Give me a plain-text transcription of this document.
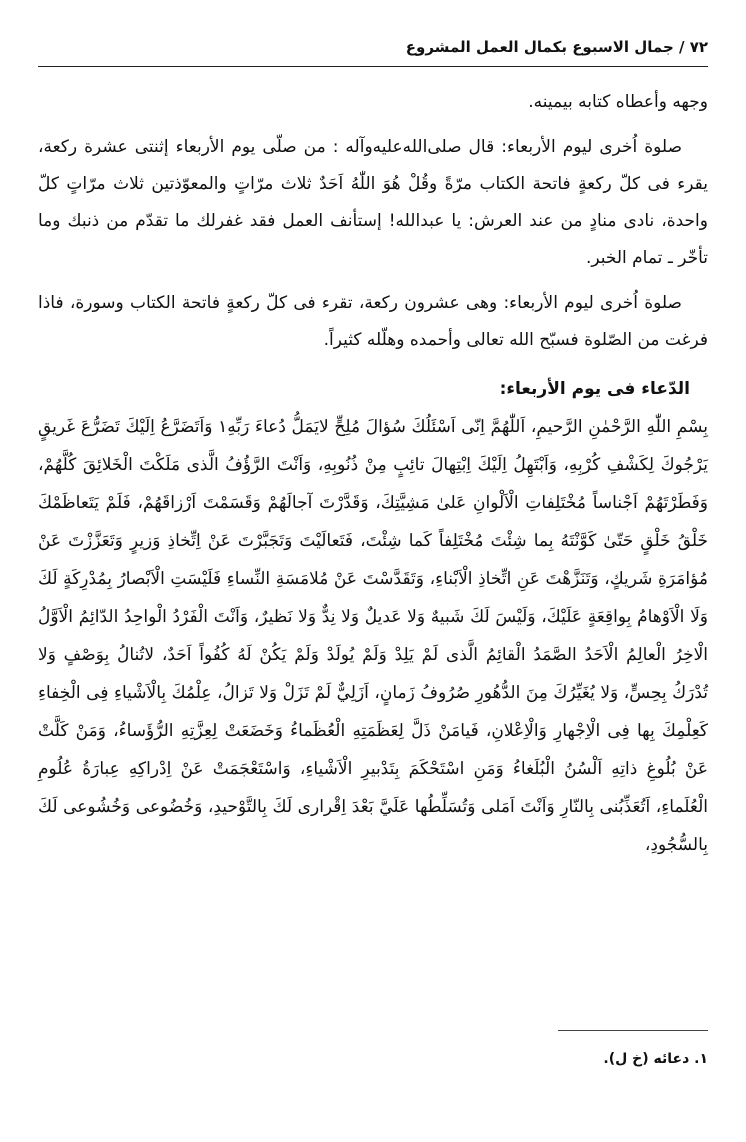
٧٢ / جمال الاسبوع بكمال العمل المشروع

وجهه وأعطاه كتابه بيمينه.

صلوة اُخرى ليوم الأربعاء: قال صلى‌الله‌عليه‌وآله : من صلّى يوم الأربعاء إثنتى عشرة ركعة، يقرء فى كلّ ركعةٍ فاتحة الكتاب مرّةً وقُلْ هُوَ اللّٰهُ اَحَدٌ ثلاث مرّاتٍ والمعوّذتين ثلاث مرّاتٍ كلّ واحدة، نادى منادٍ من عند العرش: يا عبدالله! إستأنف العمل فقد غفرلك ما تقدّم من ذنبك وما تأخّر ـ تمام الخبر.

صلوة اُخرى ليوم الأربعاء: وهى عشرون ركعة، تقرء فى كلّ ركعةٍ فاتحة الكتاب وسورة، فاذا فرغت من الصّلوة فسبّح الله تعالى وأحمده وهلّله كثيراً.

الدّعاء فى يوم الأربعاء:

بِسْمِ اللّٰهِ الرَّحْمٰنِ الرَّحيمِ، اَللّٰهُمَّ اِنّى اَسْئَلُكَ سُؤالَ مُلِحٍّ لايَمَلُّ دُعاءَ رَبِّهِ١ وَاَتَضَرَّعُ اِلَيْكَ تَضَرُّعَ غَريقٍ يَرْجُوكَ لِكَشْفِ كُرْبِهِ، وَاَبْتَهِلُ اِلَيْكَ اِبْتِهالَ تائِبٍ مِنْ ذُنُوبِهِ، وَاَنْتَ الرَّؤُفُ الَّذى مَلَكْتَ الْخَلائِقَ كُلَّهُمْ، وَفَطَرْتَهُمْ اَجْناساً مُخْتَلِفاتِ الْاَلْوانِ عَلىٰ مَشِيَّتِكَ، وَقَدَّرْتَ آجالَهُمْ وَقَسَمْتَ اَرْزاقَهُمْ، فَلَمْ يَتَعاظَمْكَ خَلْقُ خَلْقٍ حَتّىٰ كَوَّنْتَهُ بِما شِئْتَ مُخْتَلِفاً كَما شِئْتَ، فَتَعالَيْتَ وَتَجَبَّرْتَ عَنْ اِتِّخاذِ وَزيرٍ وَتَعَزَّزْتَ عَنْ مُؤامَرَةِ شَريكٍ، وَتَنَزَّهْتَ عَنِ اتِّخاذِ الْاَبْناءِ، وَتَقَدَّسْتَ عَنْ مُلامَسَةِ النِّساءِ فَلَيْسَتِ الْاَبْصارُ بِمُدْرِكَةٍ لَكَ وَلَا الْاَوْهامُ بِواقِعَةٍ عَلَيْكَ، وَلَيْسَ لَكَ شَبيهٌ وَلا عَديلٌ وَلا نِدٌّ وَلا نَظيرٌ، وَاَنْتَ الْفَرْدُ الْواحِدُ الدّائِمُ الْاَوَّلُ الْاخِرُ الْعالِمُ الْاَحَدُ الصَّمَدُ الْقائِمُ الَّذى لَمْ يَلِدْ وَلَمْ يُولَدْ وَلَمْ يَكُنْ لَهُ كُفُواً اَحَدٌ، لاتُنالُ بِوَصْفٍ وَلا تُدْرَكُ بِحِسٍّ، وَلا يُغَيِّرُكَ مِنَ الدُّهُورِ صُرُوفُ زَمانٍ، اَزَلِيٌّ لَمْ تَزَلْ وَلا تَزالُ، عِلْمُكَ بِالْاَشْياءِ فِى الْخِفاءِ كَعِلْمِكَ بِها فِى الْاِجْهارِ وَالْاِعْلانِ، فَيامَنْ ذَلَّ لِعَظَمَتِهِ الْعُظَماءُ وَخَضَعَتْ لِعِزَّتِهِ الرُّؤَساءُ، وَمَنْ كَلَّتْ عَنْ بُلُوغِ ذاتِهِ اَلْسُنُ الْبُلَغاءُ وَمَنِ اسْتَحْكَمَ بِتَدْبيرِ الْاَشْياءِ، وَاسْتَعْجَمَتْ عَنْ اِدْراكِهِ عِبارَةُ عُلُومِ الْعُلَماءِ، اَتُعَذِّبُنى بِالنّارِ وَاَنْتَ اَمَلى وَتُسَلِّطُها عَلَيَّ بَعْدَ اِقْرارى لَكَ بِالتَّوْحيدِ، وَخُضُوعى وَخُشُوعى لَكَ بِالسُّجُودِ،

١. دعائه (خ ل).
